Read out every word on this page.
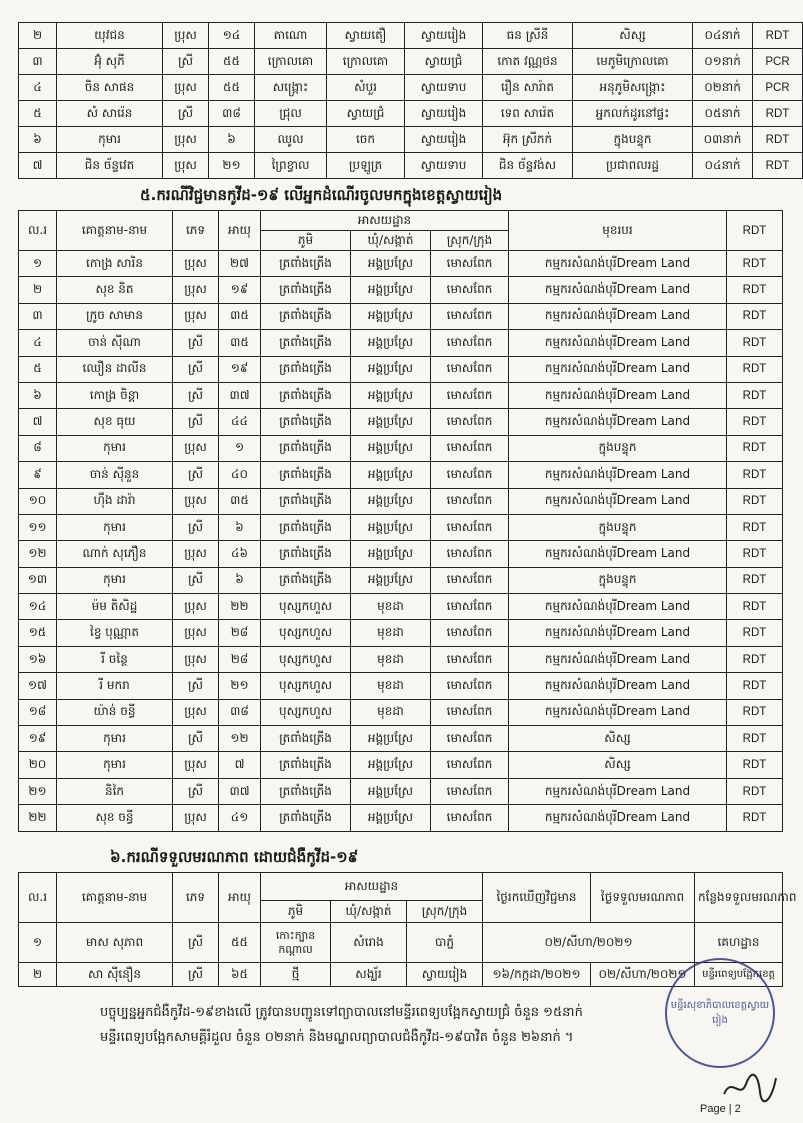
២	យុវជន	ប្រុស	១៤	តាណោ	ស្វាយតឿ	ស្វាយរៀង	ធន ស្រីនី	សិស្ស	០៤នាក់	RDT
៣	អ៊ុំ សុភី	ស្រី	៥៥	ក្រោលគោ	ក្រោលគោ	ស្វាយជ្រំ	កោត វណ្ណថន	មេភូមិក្រោលគោ	០១នាក់	PCR
៤	ចិន សាផន	ប្រុស	៥៥	សង្ក្រោះ	សំបួរ	ស្វាយទាប	រឿន សារ៉ាត	អនុភូមិសង្ក្រោះ	០២នាក់	PCR
៥	សំ សារ៉េន	ស្រី	៣៨	ជ្រុល	ស្វាយជ្រំ	ស្វាយរៀង	ទេព សារ៉េត	អ្នកលក់ដូរនៅផ្ទះ	០៥នាក់	RDT
៦	កុមារ	ប្រុស	៦	ឈូល	ចេក	ស្វាយរៀង	អ៊ុក ស្រីភក់	ក្នុងបន្ទុក	០៣នាក់	RDT
៧	ជិន ច័ន្ទវេត	ប្រុស	២១	ព្រៃខ្វាល	ប្រឡូត្រ	ស្វាយទាប	ជិន ច័ន្ទវង់ស	ប្រជាពលរដ្ឋ	០៤នាក់	RDT
៥.ករណីវិជ្ជមានកូវីដ-១៩ លើអ្នកដំណើរចូលមកក្នុងខេត្តស្វាយរៀង
ល.រ	គោត្តនាម-នាម	ភេទ	អាយុ	អាសយដ្ឋាន			មុខរបរ	RDT
				ភូមិ	ឃុំ/សង្កាត់	ស្រុក/ក្រុង		
១	កោង្រ សារិន	ប្រុស	២៧	ត្រពាំងត្រើង	អង្គប្រស្រែ	មោសពែក	កម្មករសំណង់បុរីDream Land	RDT
២	សុខ និត	ប្រុស	១៩	ត្រពាំងត្រើង	អង្គប្រស្រែ	មោសពែក	កម្មករសំណង់បុរីDream Land	RDT
៣	ក្រូច សាមាន	ប្រុស	៣៥	ត្រពាំងត្រើង	អង្គប្រស្រែ	មោសពែក	កម្មករសំណង់បុរីDream Land	RDT
៤	ចាន់ ស៊ីណា	ស្រី	៣៥	ត្រពាំងត្រើង	អង្គប្រស្រែ	មោសពែក	កម្មករសំណង់បុរីDream Land	RDT
៥	ឈឿន ដាលីន	ស្រី	១៩	ត្រពាំងត្រើង	អង្គប្រស្រែ	មោសពែក	កម្មករសំណង់បុរីDream Land	RDT
៦	កោង្រ ចិន្តា	ស្រី	៣៧	ត្រពាំងត្រើង	អង្គប្រស្រែ	មោសពែក	កម្មករសំណង់បុរីDream Land	RDT
៧	សុខ ធុយ	ស្រី	៤៤	ត្រពាំងត្រើង	អង្គប្រស្រែ	មោសពែក	កម្មករសំណង់បុរីDream Land	RDT
៨	កុមារ	ប្រុស	១	ត្រពាំងត្រើង	អង្គប្រស្រែ	មោសពែក	ក្នុងបន្ទុក	RDT
៩	ចាន់ ស៊ីនួន	ស្រី	៤០	ត្រពាំងត្រើង	អង្គប្រស្រែ	មោសពែក	កម្មករសំណង់បុរីDream Land	RDT
១០	ហ៊ឹង ដារ៉ា	ប្រុស	៣៥	ត្រពាំងត្រើង	អង្គប្រស្រែ	មោសពែក	កម្មករសំណង់បុរីDream Land	RDT
១១	កុមារ	ស្រី	៦	ត្រពាំងត្រើង	អង្គប្រស្រែ	មោសពែក	ក្នុងបន្ទុក	RDT
១២	ណាក់ សុភឿន	ប្រុស	៤៦	ត្រពាំងត្រើង	អង្គប្រស្រែ	មោសពែក	កម្មករសំណង់បុរីDream Land	RDT
១៣	កុមារ	ស្រី	៦	ត្រពាំងត្រើង	អង្គប្រស្រែ	មោសពែក	ក្នុងបន្ទុក	RDT
១៤	ម៉ម តិសិដ្ឋ	ប្រុស	២២	បុស្សកហួស	មុខដា	មោសពែក	កម្មករសំណង់បុរីDream Land	RDT
១៥	ខ្វៃ បុណ្ណាត	ប្រុស	២៨	បុស្សកហួស	មុខដា	មោសពែក	កម្មករសំណង់បុរីDream Land	RDT
១៦	រី ចន្ថៃ	ប្រុស	២៨	បុស្សកហួស	មុខដា	មោសពែក	កម្មករសំណង់បុរីDream Land	RDT
១៧	រី មករា	ស្រី	២១	បុស្សកហួស	មុខដា	មោសពែក	កម្មករសំណង់បុរីDream Land	RDT
១៨	យ៉ាន់ ចន្ធី	ប្រុស	៣៨	បុស្សកហួស	មុខដា	មោសពែក	កម្មករសំណង់បុរីDream Land	RDT
១៩	កុមារ	ស្រី	១២	ត្រពាំងត្រើង	អង្គប្រស្រែ	មោសពែក	សិស្ស	RDT
២០	កុមារ	ប្រុស	៧	ត្រពាំងត្រើង	អង្គប្រស្រែ	មោសពែក	សិស្ស	RDT
២១	និកៃ	ស្រី	៣៧	ត្រពាំងត្រើង	អង្គប្រស្រែ	មោសពែក	កម្មករសំណង់បុរីDream Land	RDT
២២	សុខ ចន្ធី	ប្រុស	៤១	ត្រពាំងត្រើង	អង្គប្រស្រែ	មោសពែក	កម្មករសំណង់បុរីDream Land	RDT
៦.ករណីទទួលមរណភាព ដោយជំងឺកូវីដ-១៩
ល.រ	គោត្តនាម-នាម	ភេទ	អាយុ	អាសយដ្ឋាន			ថ្ងៃរកឃើញវិជ្ជមាន	ថ្ងៃទទួលមរណភាព	កន្លែងទទួលមរណភាព
				ភូមិ	ឃុំ/សង្កាត់	ស្រុក/ក្រុង			
១	មាស សុភាព	ស្រី	៥៥	កោះក្បាន កណ្តាល	សំរោង	បាភ្នំ	០២/សីហា/២០២១		គេហដ្ឋាន
២	សា ស៊ីនឿន	ស្រី	៦៥	ថ្មី	សង្ឃ័រ	ស្វាយរៀង	១៦/កក្កដា/២០២១	០២/សីហា/២០២១	មន្ទីរពេទ្យបង្អែកខេត្ត
បច្ចុប្បន្នអ្នកជំងឺកូវីដ-១៩ខាងលើ ត្រូវបានបញ្ជូនទៅព្យាបាលនៅមន្ទីរពេទ្យបង្អែកស្វាយជ្រំ ចំនួន ១៥នាក់
មន្ទីរពេទ្យបង្អែកសាមគ្គីរំដួល ចំនួន ០២នាក់ និងមណ្ឌលព្យាបាលជំងឺកូវីដ-១៩បាវិត ចំនួន ២៦នាក់ ។
មន្ទីរសុខាភិបាលខេត្តស្វាយរៀង
Page | 2
